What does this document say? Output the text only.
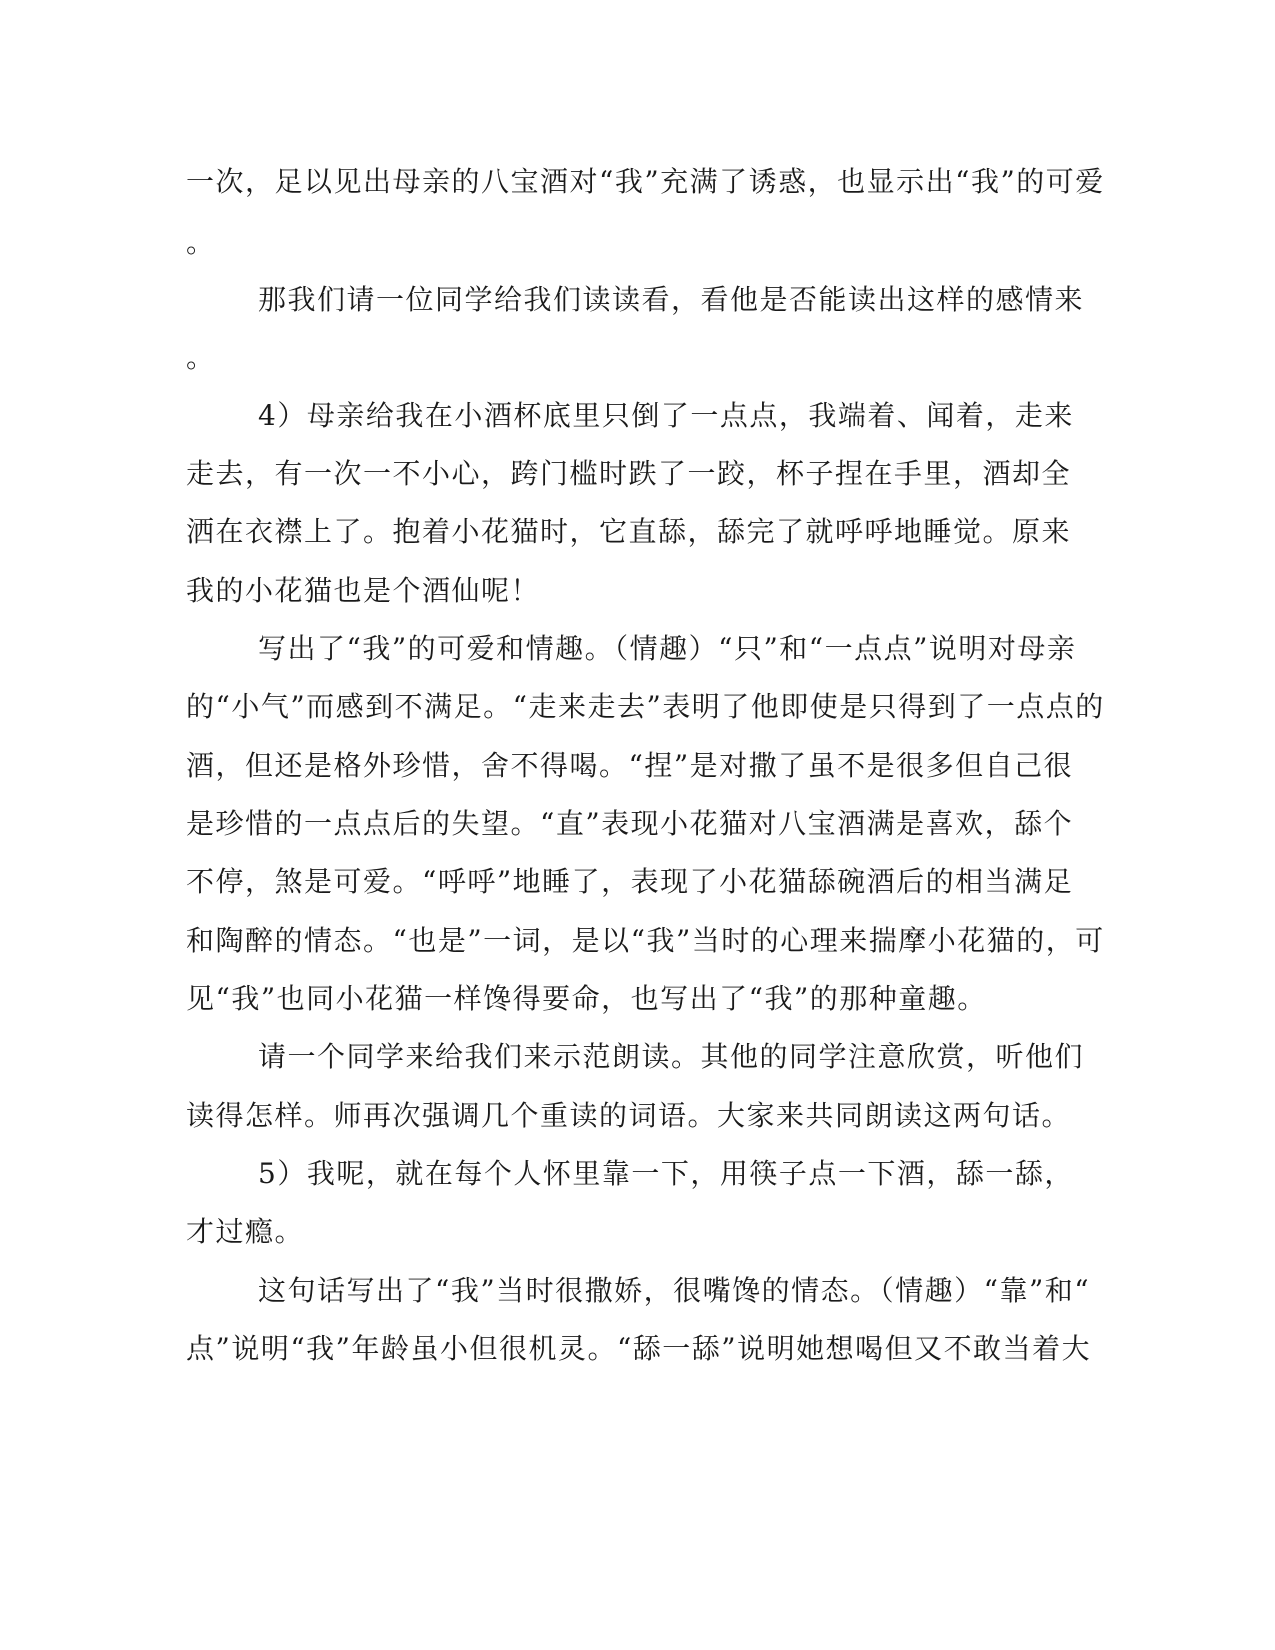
一次，足以见出母亲的八宝酒对“我”充满了诱惑，也显示出“我”的可爱
。
那我们请一位同学给我们读读看，看他是否能读出这样的感情来
。
4）母亲给我在小酒杯底里只倒了一点点，我端着、闻着，走来
走去，有一次一不小心，跨门槛时跌了一跤，杯子捏在手里，酒却全
洒在衣襟上了。抱着小花猫时，它直舔，舔完了就呼呼地睡觉。原来
我的小花猫也是个酒仙呢！
写出了“我”的可爱和情趣。（情趣）“只”和“一点点”说明对母亲
的“小气”而感到不满足。“走来走去”表明了他即使是只得到了一点点的
酒，但还是格外珍惜，舍不得喝。“捏”是对撒了虽不是很多但自己很
是珍惜的一点点后的失望。“直”表现小花猫对八宝酒满是喜欢，舔个
不停，煞是可爱。“呼呼”地睡了，表现了小花猫舔碗酒后的相当满足
和陶醉的情态。“也是”一词，是以“我”当时的心理来揣摩小花猫的，可
见“我”也同小花猫一样馋得要命，也写出了“我”的那种童趣。
请一个同学来给我们来示范朗读。其他的同学注意欣赏，听他们
读得怎样。师再次强调几个重读的词语。大家来共同朗读这两句话。
5）我呢，就在每个人怀里靠一下，用筷子点一下酒，舔一舔，
才过瘾。
这句话写出了“我”当时很撒娇，很嘴馋的情态。（情趣）“靠”和“
点”说明“我”年龄虽小但很机灵。“舔一舔”说明她想喝但又不敢当着大
